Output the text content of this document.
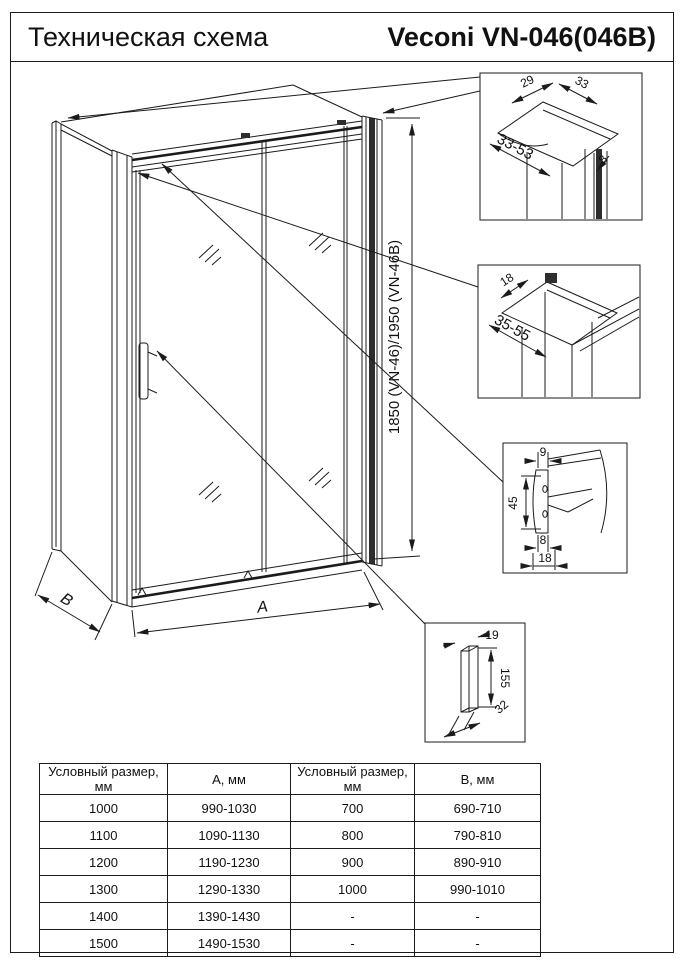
Техническая схема	Veconi VN-046(046B)
1850 (VN-46)/1950 (VN-46B)
A
B
29	33
33-53	8
18
35-55
9
45
8
18
19
155
32
Условный размер, мм	А, мм	Условный размер, мм	В, мм
1000	990-1030	700	690-710
1100	1090-1130	800	790-810
1200	1190-1230	900	890-910
1300	1290-1330	1000	990-1010
1400	1390-1430	-	-
1500	1490-1530	-	-
